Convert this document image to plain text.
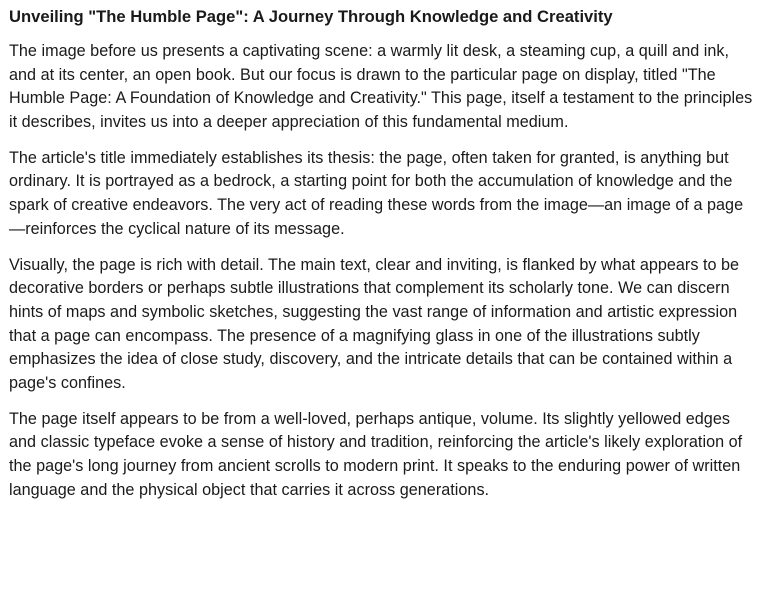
Unveiling "The Humble Page": A Journey Through Knowledge and Creativity

The image before us presents a captivating scene: a warmly lit desk, a steaming cup, a quill and ink, and at its center, an open book. But our focus is drawn to the particular page on display, titled "The Humble Page: A Foundation of Knowledge and Creativity." This page, itself a testament to the principles it describes, invites us into a deeper appreciation of this fundamental medium.

The article's title immediately establishes its thesis: the page, often taken for granted, is anything but ordinary. It is portrayed as a bedrock, a starting point for both the accumulation of knowledge and the spark of creative endeavors. The very act of reading these words from the image—an image of a page—reinforces the cyclical nature of its message.

Visually, the page is rich with detail. The main text, clear and inviting, is flanked by what appears to be decorative borders or perhaps subtle illustrations that complement its scholarly tone. We can discern hints of maps and symbolic sketches, suggesting the vast range of information and artistic expression that a page can encompass. The presence of a magnifying glass in one of the illustrations subtly emphasizes the idea of close study, discovery, and the intricate details that can be contained within a page's confines.

The page itself appears to be from a well-loved, perhaps antique, volume. Its slightly yellowed edges and classic typeface evoke a sense of history and tradition, reinforcing the article's likely exploration of the page's long journey from ancient scrolls to modern print. It speaks to the enduring power of written language and the physical object that carries it across generations.
